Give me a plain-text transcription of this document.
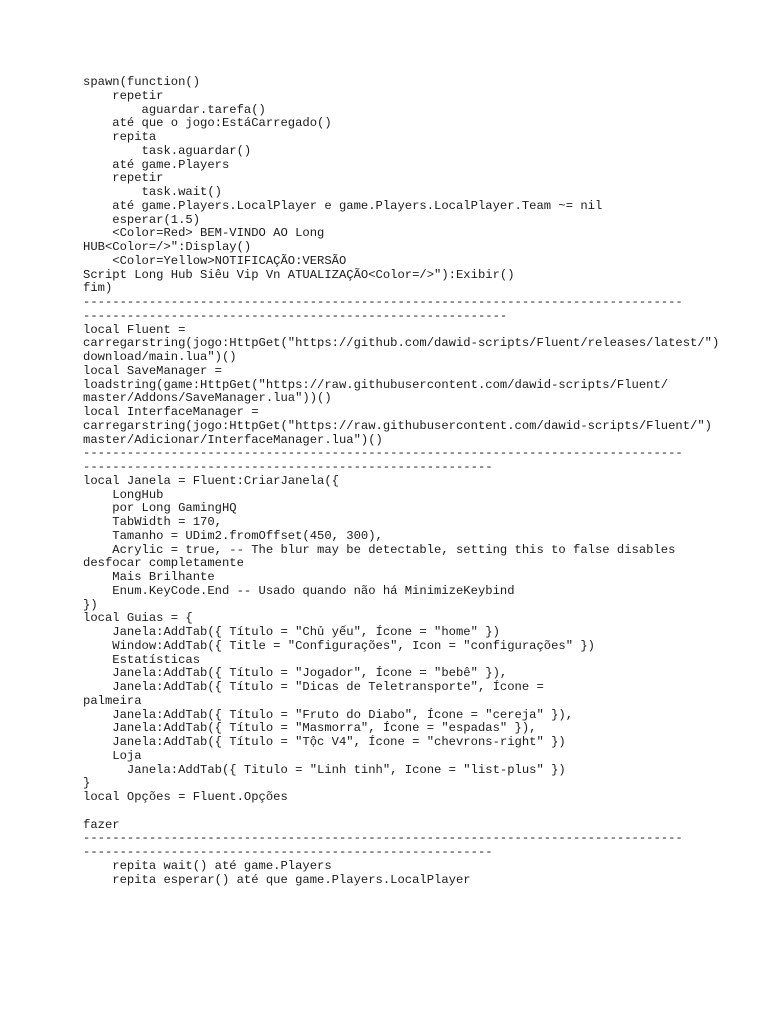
spawn(function()
repetir
aguardar.tarefa()
até que o jogo:EstáCarregado()
repita
task.aguardar()
até game.Players
repetir
task.wait()
até game.Players.LocalPlayer e game.Players.LocalPlayer.Team ~= nil
esperar(1.5)
<Color=Red> BEM-VINDO AO Long
HUB<Color=/>":Display()
<Color=Yellow>NOTIFICAÇÃO:VERSÃO
Script Long Hub Siêu Vip Vn ATUALIZAÇÃO<Color=/>"):Exibir()
fim)
----------------------------------------------------------------------------------
----------------------------------------------------------
local Fluent =
carregarstring(jogo:HttpGet("https://github.com/dawid-scripts/Fluent/releases/latest/")
download/main.lua")()
local SaveManager =
loadstring(game:HttpGet("https://raw.githubusercontent.com/dawid-scripts/Fluent/
master/Addons/SaveManager.lua"))()
local InterfaceManager =
carregarstring(jogo:HttpGet("https://raw.githubusercontent.com/dawid-scripts/Fluent/")
master/Adicionar/InterfaceManager.lua")()
----------------------------------------------------------------------------------
--------------------------------------------------------
local Janela = Fluent:CriarJanela({
LongHub
por Long GamingHQ
TabWidth = 170,
Tamanho = UDim2.fromOffset(450, 300),
Acrylic = true, -- The blur may be detectable, setting this to false disables
desfocar completamente
Mais Brilhante
Enum.KeyCode.End -- Usado quando não há MinimizeKeybind
})
local Guias = {
Janela:AddTab({ Título = "Chủ yếu", Ícone = "home" })
Window:AddTab({ Title = "Configurações", Icon = "configurações" })
Estatísticas
Janela:AddTab({ Título = "Jogador", Ícone = "bebê" }),
Janela:AddTab({ Título = "Dicas de Teletransporte", Ícone =
palmeira
Janela:AddTab({ Título = "Fruto do Diabo", Ícone = "cereja" }),
Janela:AddTab({ Título = "Masmorra", Ícone = "espadas" }),
Janela:AddTab({ Título = "Tộc V4", Ícone = "chevrons-right" })
Loja
Janela:AddTab({ Titulo = "Linh tinh", Icone = "list-plus" })
}
local Opções = Fluent.Opções
fazer
----------------------------------------------------------------------------------
--------------------------------------------------------
repita wait() até game.Players
repita esperar() até que game.Players.LocalPlayer
